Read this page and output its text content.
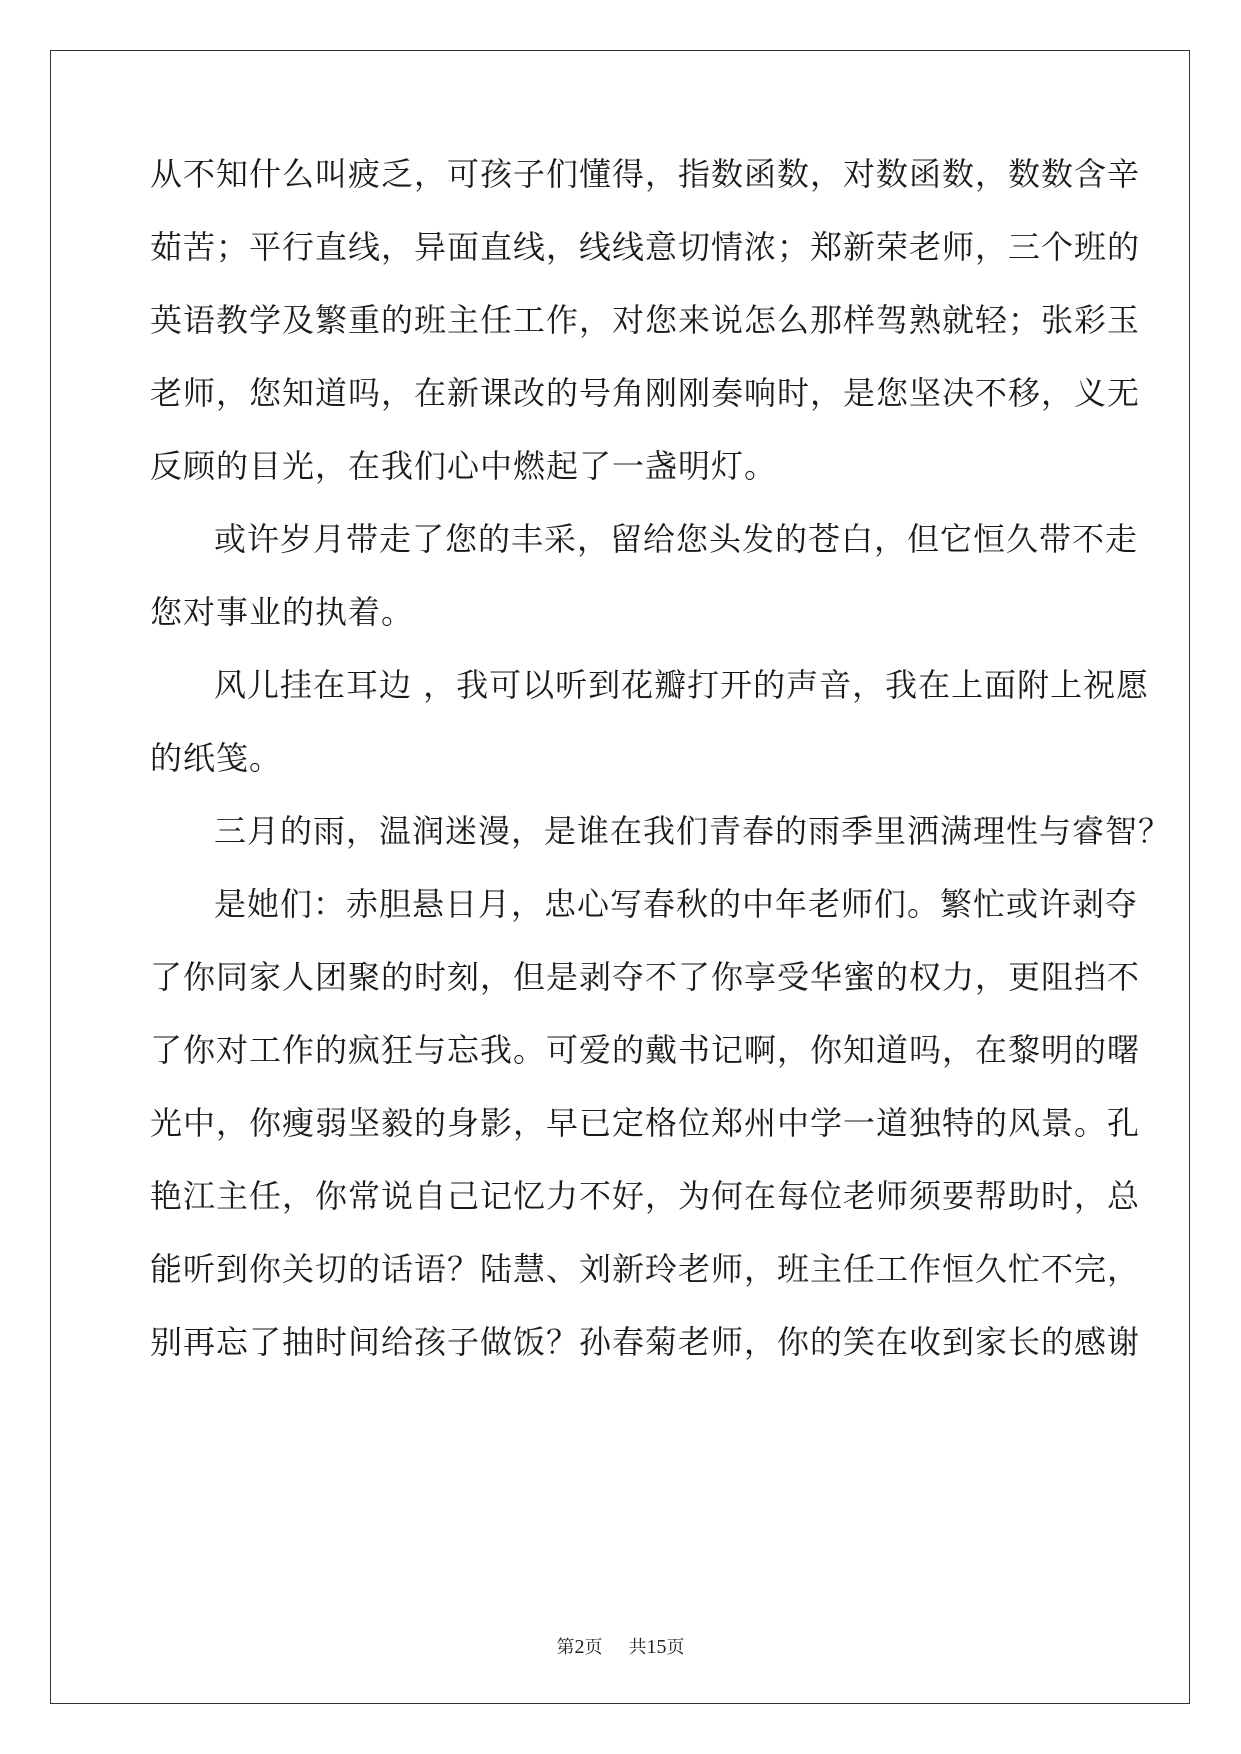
从不知什么叫疲乏，可孩子们懂得，指数函数，对数函数，数数含辛
茹苦；平行直线，异面直线，线线意切情浓；郑新荣老师，三个班的
英语教学及繁重的班主任工作，对您来说怎么那样驾熟就轻；张彩玉
老师，您知道吗，在新课改的号角刚刚奏响时，是您坚决不移，义无
反顾的目光，在我们心中燃起了一盏明灯。
或许岁月带走了您的丰采，留给您头发的苍白，但它恒久带不走
您对事业的执着。
风儿挂在耳边 ，我可以听到花瓣打开的声音，我在上面附上祝愿
的纸笺。
三月的雨，温润迷漫，是谁在我们青春的雨季里洒满理性与睿智？
是她们：赤胆悬日月，忠心写春秋的中年老师们。繁忙或许剥夺
了你同家人团聚的时刻，但是剥夺不了你享受华蜜的权力，更阻挡不
了你对工作的疯狂与忘我。可爱的戴书记啊，你知道吗，在黎明的曙
光中，你瘦弱坚毅的身影，早已定格位郑州中学一道独特的风景。孔
艳江主任，你常说自己记忆力不好，为何在每位老师须要帮助时，总
能听到你关切的话语？陆慧、刘新玲老师，班主任工作恒久忙不完，
别再忘了抽时间给孩子做饭？孙春菊老师，你的笑在收到家长的感谢
第2页 共15页
